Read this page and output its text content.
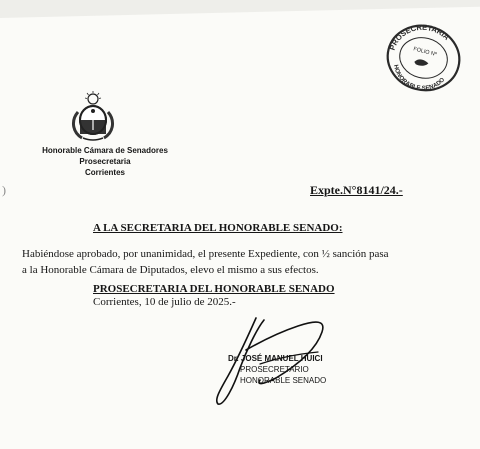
Honorable Cámara de Senadores
Prosecretaria
Corrientes
PROSECRETARIA
HONORABLE SENADO
FOLIO Nº
Expte.N°8141/24.-
A LA SECRETARIA DEL HONORABLE SENADO:
Habiéndose aprobado, por unanimidad, el presente Expediente, con ½ sanción pasa
a la Honorable Cámara de Diputados, elevo el mismo a sus efectos.
PROSECRETARIA DEL HONORABLE SENADO
Corrientes, 10 de julio de 2025.-
Dr. JOSÉ MANUEL HUICI
PROSECRETARIO
HONORABLE SENADO
)
